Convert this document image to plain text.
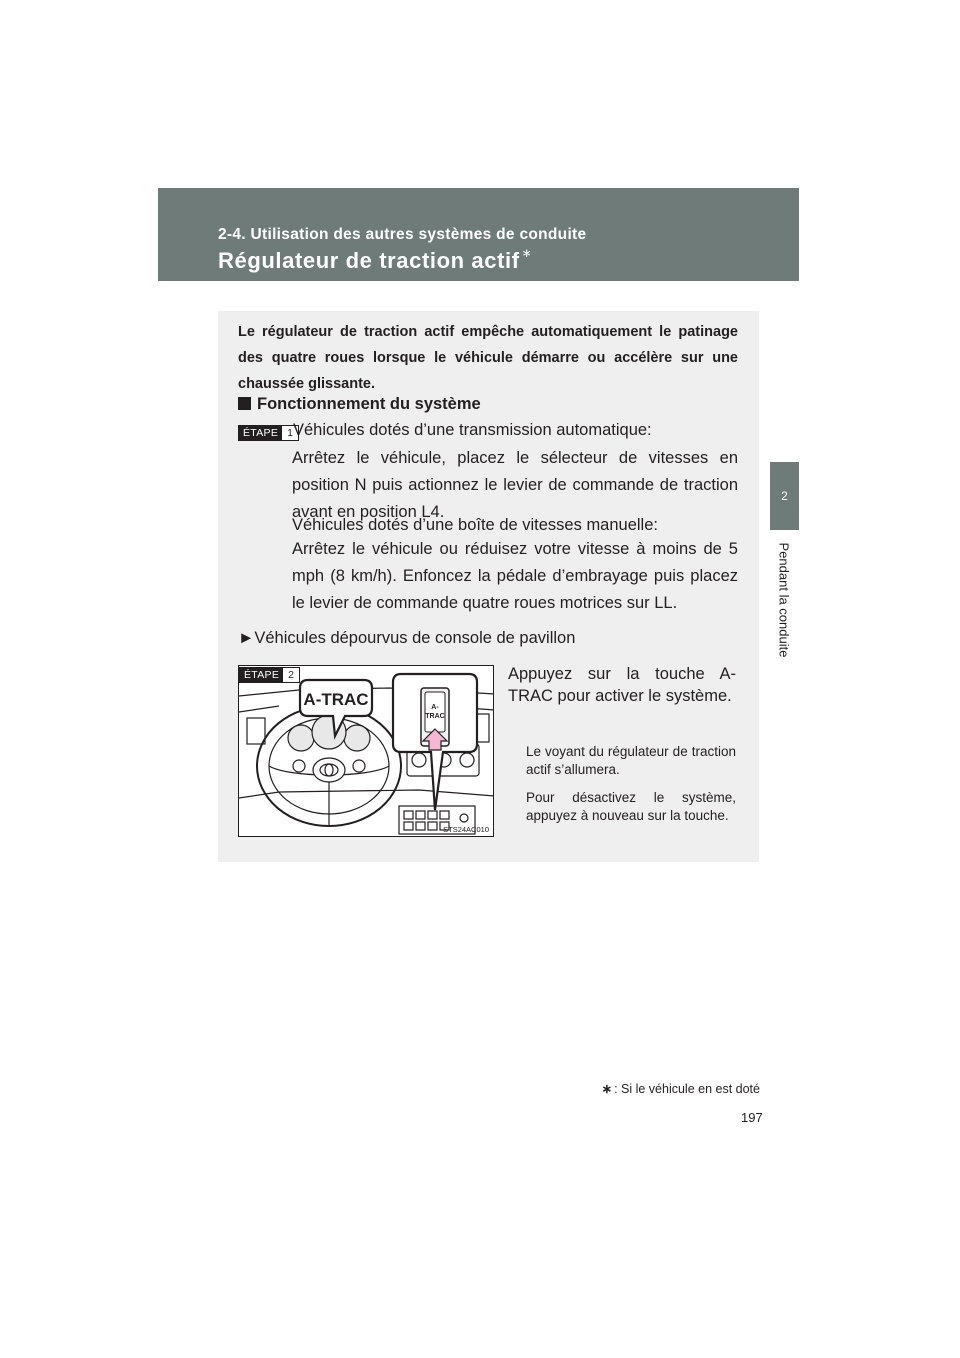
2-4. Utilisation des autres systèmes de conduite
Régulateur de traction actif ∗
2
Pendant la conduite

Le régulateur de traction actif empêche automatiquement le patinage des quatre roues lorsque le véhicule démarre ou accélère sur une chaussée glissante.

Fonctionnement du système
ÉTAPE 1 Véhicules dotés d’une transmission automatique:

Arrêtez le véhicule, placez le sélecteur de vitesses en position N puis actionnez le levier de commande de traction avant en position L4.

Véhicules dotés d’une boîte de vitesses manuelle:

Arrêtez le véhicule ou réduisez votre vitesse à moins de 5 mph (8 km/h). Enfoncez la pédale d’embrayage puis placez le levier de commande quatre roues motrices sur LL.

►Véhicules dépourvus de console de pavillon
A-TRAC	A-
TRAC
STS24AC010
ÉTAPE 2	Appuyez sur la touche A-TRAC pour activer le système.

Le voyant du régulateur de traction actif s’allumera.

Pour désactivez le système, appuyez à nouveau sur la touche.

∗ : Si le véhicule en est doté
197
